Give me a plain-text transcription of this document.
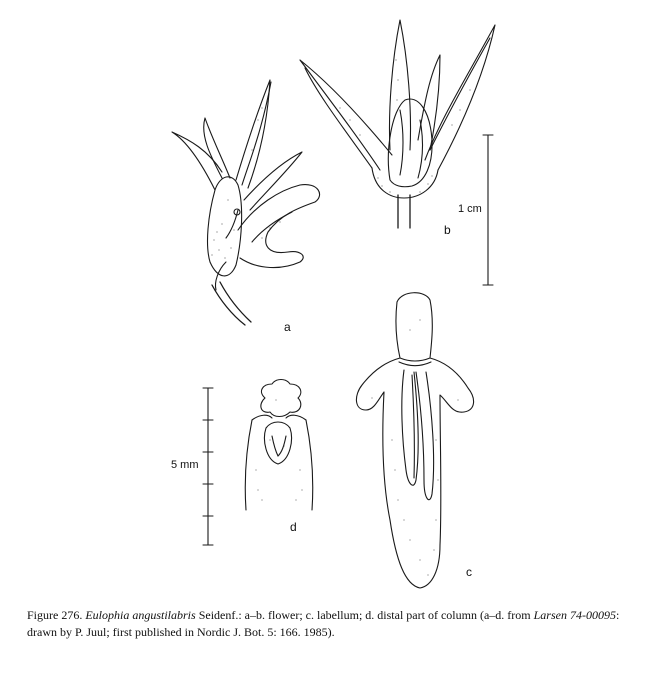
a
b
c
d
1 cm
5 mm
Figure 276. Eulophia angustilabris Seidenf.: a–b. flower; c. labellum; d. distal part of column (a–d. from Larsen 74-00095: drawn by P. Juul; first published in Nordic J. Bot. 5: 166. 1985).
